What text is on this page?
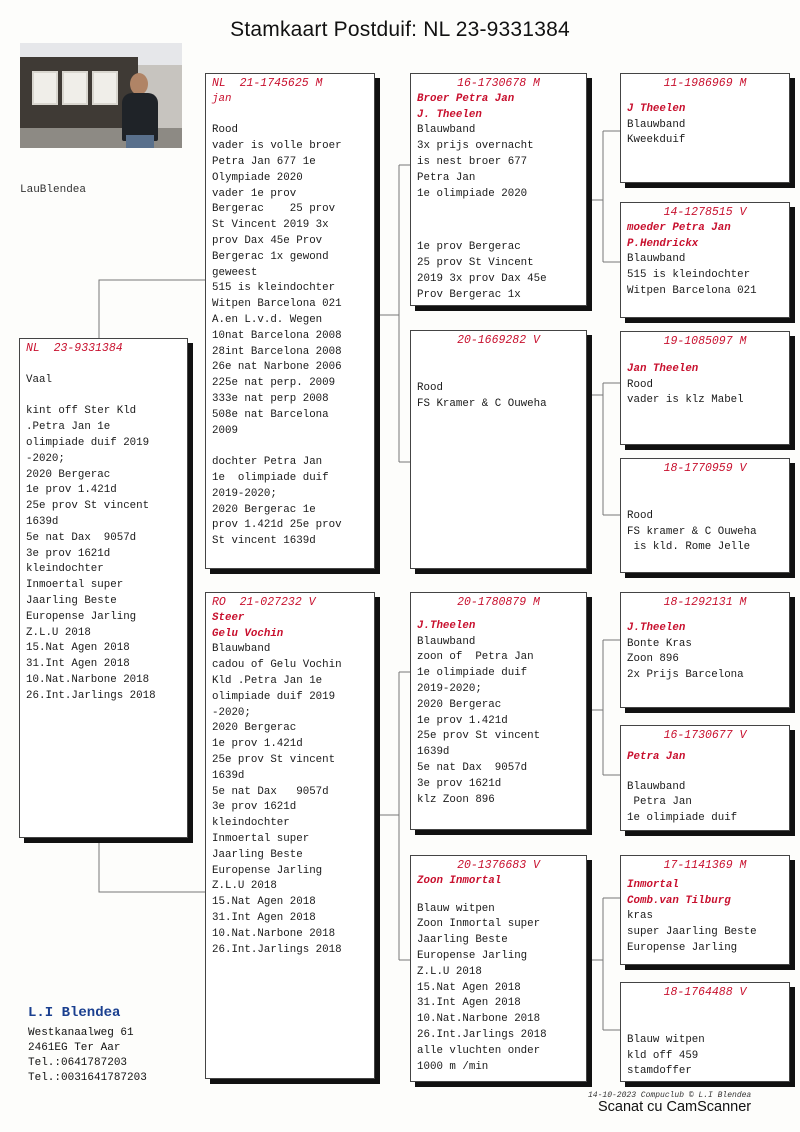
Stamkaart Postduif: NL 23-9331384
LauBlendea
NL  23-9331384
Vaal

kint off Ster Kld
.Petra Jan 1e
olimpiade duif 2019
-2020;
2020 Bergerac
1e prov 1.421d
25e prov St vincent
1639d
5e nat Dax  9057d
3e prov 1621d
kleindochter
Inmoertal super
Jaarling Beste
Europense Jarling
Z.L.U 2018
15.Nat Agen 2018
31.Int Agen 2018
10.Nat.Narbone 2018
26.Int.Jarlings 2018
NL  21-1745625 M
jan

Rood
vader is volle broer
Petra Jan 677 1e
Olympiade 2020
vader 1e prov
Bergerac    25 prov
St Vincent 2019 3x
prov Dax 45e Prov
Bergerac 1x gewond
geweest
515 is kleindochter
Witpen Barcelona 021
A.en L.v.d. Wegen
10nat Barcelona 2008
28int Barcelona 2008
26e nat Narbone 2006
225e nat perp. 2009
333e nat perp 2008
508e nat Barcelona
2009

dochter Petra Jan
1e  olimpiade duif
2019-2020;
2020 Bergerac 1e
prov 1.421d 25e prov
St vincent 1639d
RO  21-027232 V
Steer
Gelu Vochin
Blauwband
cadou of Gelu Vochin
Kld .Petra Jan 1e
olimpiade duif 2019
-2020;
2020 Bergerac
1e prov 1.421d
25e prov St vincent
1639d
5e nat Dax   9057d
3e prov 1621d
kleindochter
Inmoertal super
Jaarling Beste
Europense Jarling
Z.L.U 2018
15.Nat Agen 2018
31.Int Agen 2018
10.Nat.Narbone 2018
26.Int.Jarlings 2018
16-1730678 M
Broer Petra Jan
J. Theelen
Blauwband
3x prijs overnacht
is nest broer 677
Petra Jan
1e olimpiade 2020
1e prov Bergerac
25 prov St Vincent
2019 3x prov Dax 45e
Prov Bergerac 1x
20-1669282 V
Rood
FS Kramer & C Ouweha
20-1780879 M
J.Theelen
Blauwband
zoon of  Petra Jan
1e olimpiade duif
2019-2020;
2020 Bergerac
1e prov 1.421d
25e prov St vincent
1639d
5e nat Dax  9057d
3e prov 1621d
klz Zoon 896
20-1376683 V
Zoon Inmortal
Blauw witpen
Zoon Inmortal super
Jaarling Beste
Europense Jarling
Z.L.U 2018
15.Nat Agen 2018
31.Int Agen 2018
10.Nat.Narbone 2018
26.Int.Jarlings 2018
alle vluchten onder
1000 m /min
11-1986969 M
J Theelen
Blauwband
Kweekduif
14-1278515 V
moeder Petra Jan
P.Hendrickx
Blauwband
515 is kleindochter
Witpen Barcelona 021
19-1085097 M
Jan Theelen
Rood
vader is klz Mabel
18-1770959 V
Rood
FS kramer & C Ouweha
is kld. Rome Jelle
18-1292131 M
J.Theelen
Bonte Kras
Zoon 896
2x Prijs Barcelona
16-1730677 V
Petra Jan
Blauwband
Petra Jan
1e olimpiade duif
17-1141369 M
Inmortal
Comb.van Tilburg
kras
super Jaarling Beste
Europense Jarling
18-1764488 V
Blauw witpen
kld off 459
stamdoffer
L.I Blendea
Westkanaalweg 61
2461EG Ter Aar
Tel.:0641787203
Tel.:0031641787203
14-10-2023 Compuclub © L.I Blendea
Scanat cu CamScanner
